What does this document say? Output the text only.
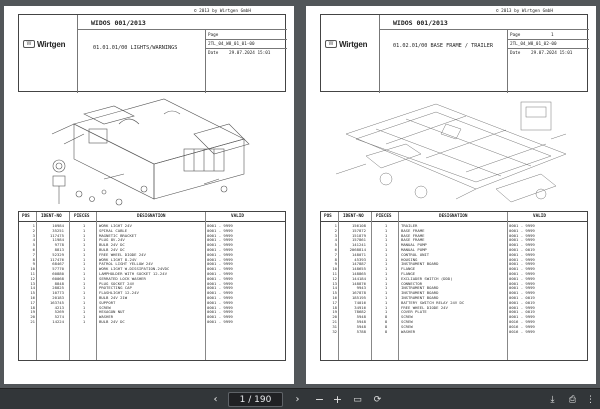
© 2013 by Wirtgen GmbH
W Wirtgen
WIDOS 001/2013
01.01.01/00 LIGHTS/WARNINGS
Page
2TL_04_W8_01_01-00
Date 29.07.2024 15:01
POS	IDENT-NO	PIECES	DESIGNATION	VALID
1	10984	1	WORK LIGHT 24V	0001 - 9999
2	35251	1	SPIRAL CABLE	0001 - 9999
3	117475	1	MAGNETIC BRACKET	0001 - 9999
4	11984	1	PLUG 8V-24V	0001 - 9999
5	9778	1	BULB 24V DC	0001 - 9999
6	8813	1	BULB 24V DC	0001 - 9999
7	52329	1	FREE WHEEL DIODE 24V	0001 - 9999
8	117476	1	WORK LIGHT 8-24V	0001 - 9999
9	68467	1	PATROL LIGHT YELLOW 24V	0001 - 9999
10	57770	1	WORK LIGHT W.DISSIPATION.24VDC	0001 - 9999
11	60880	1	LAMPHOLDER WITH SOCKET 12-24V	0001 - 9999
12	60068	1	SERRATED LOCK WASHER	0001 - 9999
13	8848	1	PLUG SOCKET 24V	0001 - 9999
14	28825	1	PROTECTING CAP	0001 - 9999
15	10773	1	FLASHLIGHT 12-24V	0001 - 9999
16	20183	1	BULB 24V 21W	0001 - 9999
17	163745	1	SUPPORT	0001 - 9999
18	4213	1	SCREW	0001 - 9999
19	5269	1	HEXAGON NUT	0001 - 9999
20	5274	1	WASHER	0001 - 9999
21	14224	1	BULB 24V DC	0001 - 9999
© 2013 by Wirtgen GmbH
W Wirtgen
WIDOS 001/2013
01.02.01/00 BASE FRAME / TRAILER
Page	1
2TL_04_W8_01_02-00
Date 29.07.2024 15:01
POS	IDENT-NO	PIECES	DESIGNATION	VALID
1	156108	1	TRAILER	0001 - 9999
2	157872	1	BASE FRAME	0001 - 9999
3	151879	1	BASE FRAME	0001 - 9999
4	157861	1	BASE FRAME	0001 - 9999
5	141241	1	MANUAL PUMP	0001 - 9999
6	2068814	1	MANUAL PUMP	0001 - 0019
7	148071	1	CONTROL UNIT	0001 - 9999
8	45393	1	HOUSING	0001 - 9999
9	147887	1	INSTRUMENT BOARD	0001 - 9999
10	148655	1	FLANGE	0001 - 9999
11	148865	1	FLANGE	0001 - 9999
12	144184	1	EXCLIADER SWITCH (DDD)	0001 - 9999
13	148876	1	CONNECTOR	0001 - 9999
14	9943	1	INSTRUMENT BOARD	0001 - 9999
15	167878	1	INSTRUMENT BOARD	0001 - 9999
16	185195	1	INSTRUMENT BOARD	0001 - 0019
17	74016	1	BATTERY SWITCH RELAY 24V DC	0001 - 0019
18	34916	1	FREE WHEEL DIODE 24V	0001 - 9999
19	78682	1	COVER PLATE	0001 - 0019
20	5948	8	SCREW	0001 - 9999
21	5948	8	SCREW	0016 - 9999
31	5948	8	SCREW	0016 - 9999
32	5788	8	WASHER	0016 - 9999
‹	1 / 190	›	− +	▭	⟳	⤓	⎙	⋮
